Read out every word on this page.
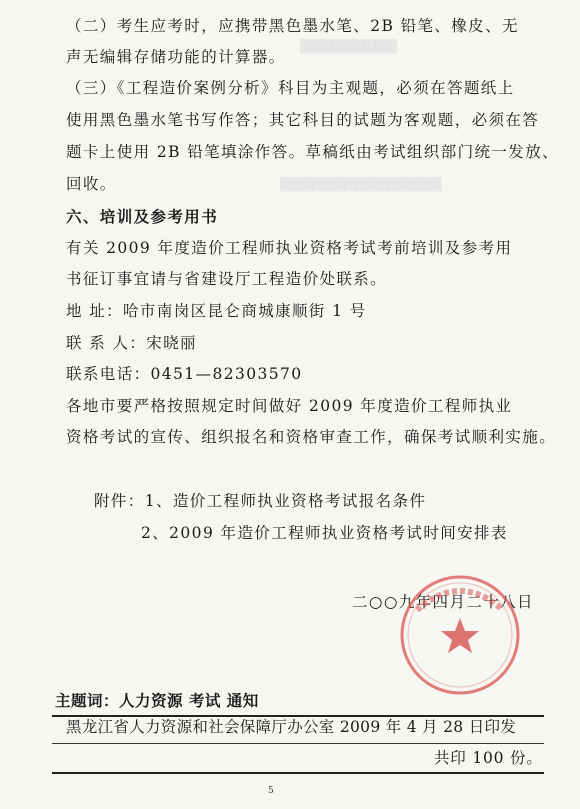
▇▇▇▇▇▇▇▇▇
▇▇▇▇▇▇▇▇▇▇▇▇▇▇▇
（二）考生应考时，应携带黑色墨水笔、2B 铅笔、橡皮、无
声无编辑存储功能的计算器。
（三）《工程造价案例分析》科目为主观题，必须在答题纸上
使用黑色墨水笔书写作答；其它科目的试题为客观题，必须在答
题卡上使用 2B 铅笔填涂作答。草稿纸由考试组织部门统一发放、
回收。
六、培训及参考用书
有关 2009 年度造价工程师执业资格考试考前培训及参考用
书征订事宜请与省建设厅工程造价处联系。
地 址：哈市南岗区昆仑商城康顺街 1 号
联 系 人：宋晓丽
联系电话：0451—82303570
各地市要严格按照规定时间做好 2009 年度造价工程师执业
资格考试的宣传、组织报名和资格审查工作，确保考试顺利实施。
附件：1、造价工程师执业资格考试报名条件
2、2009 年造价工程师执业资格考试时间安排表
二○○九年四月二十八日
主题词：人力资源 考试 通知
黑龙江省人力资源和社会保障厅办公室 2009 年 4 月 28 日印发
共印 100 份。
5
